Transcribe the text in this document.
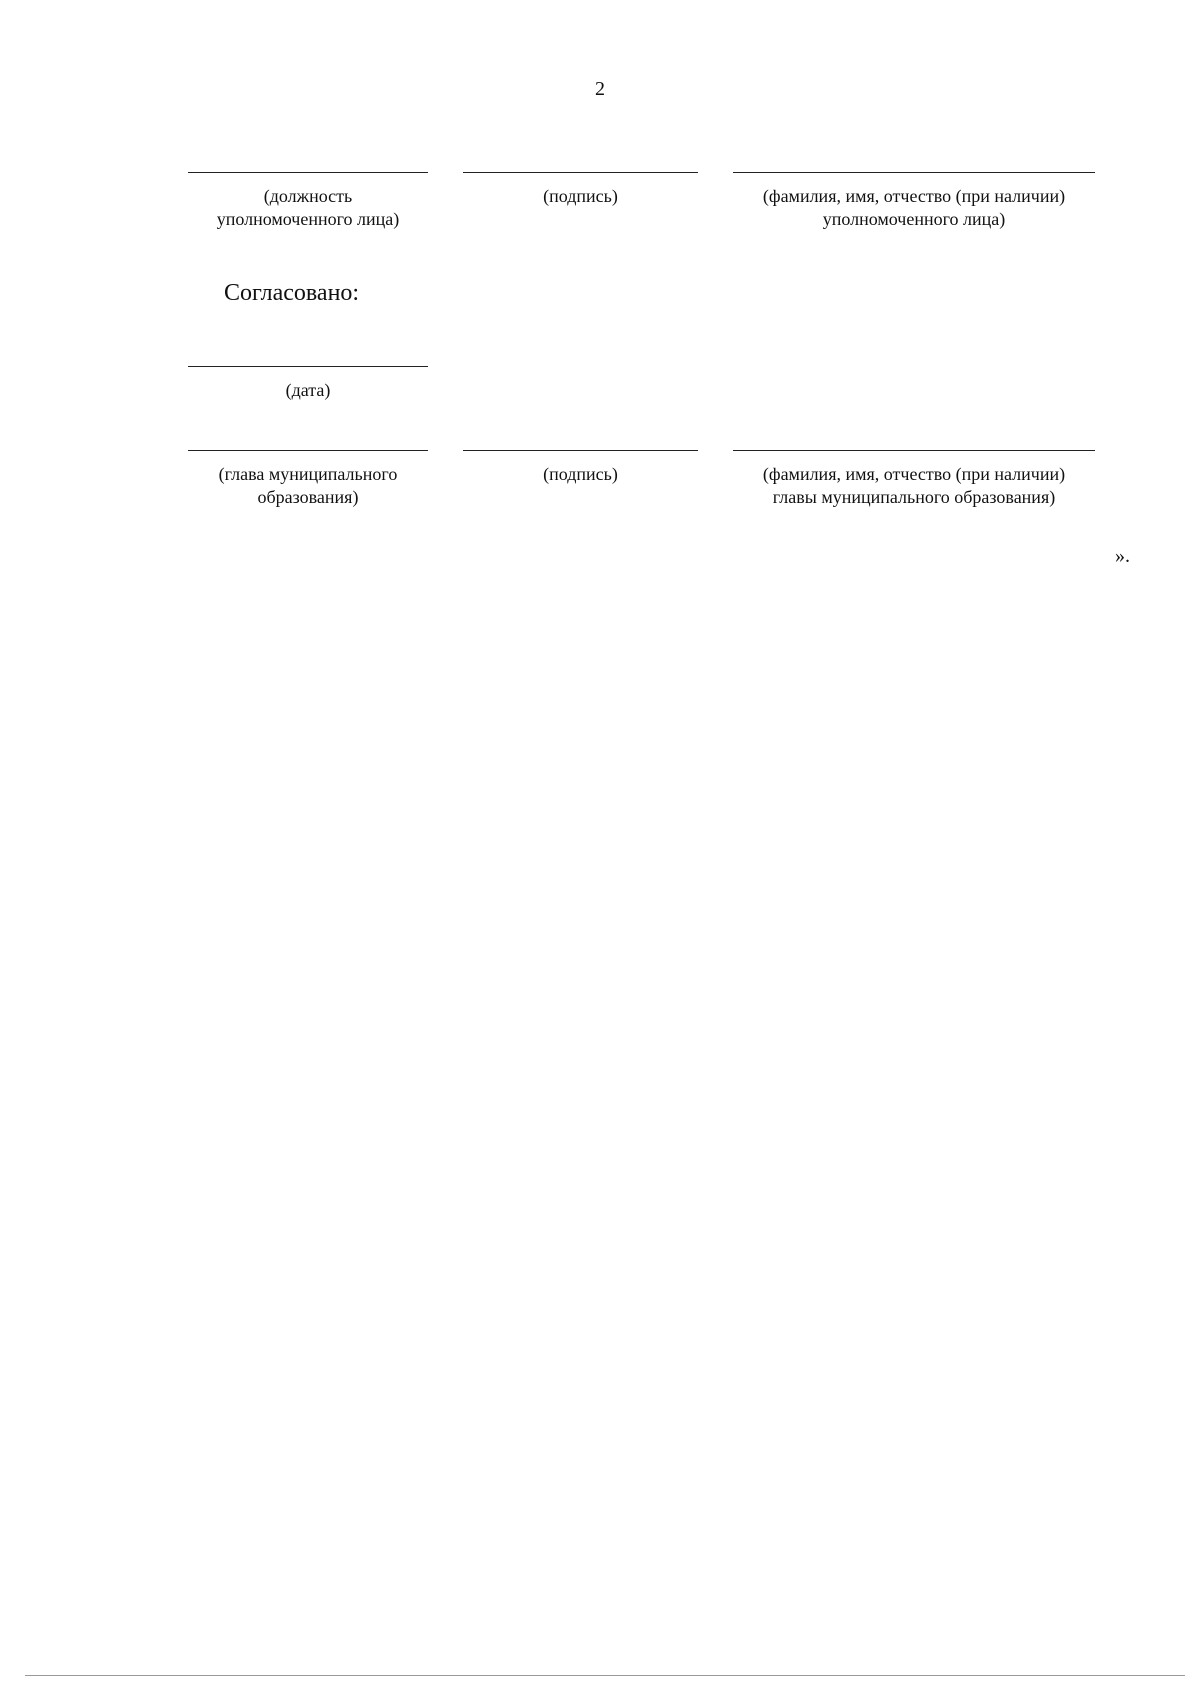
2
(должность
уполномоченного лица)
(подпись)	(фамилия, имя, отчество (при наличии)
уполномоченного лица)
Согласовано:
(дата)
(глава муниципального
образования)
(подпись)	(фамилия, имя, отчество (при наличии)
главы муниципального образования)
».
